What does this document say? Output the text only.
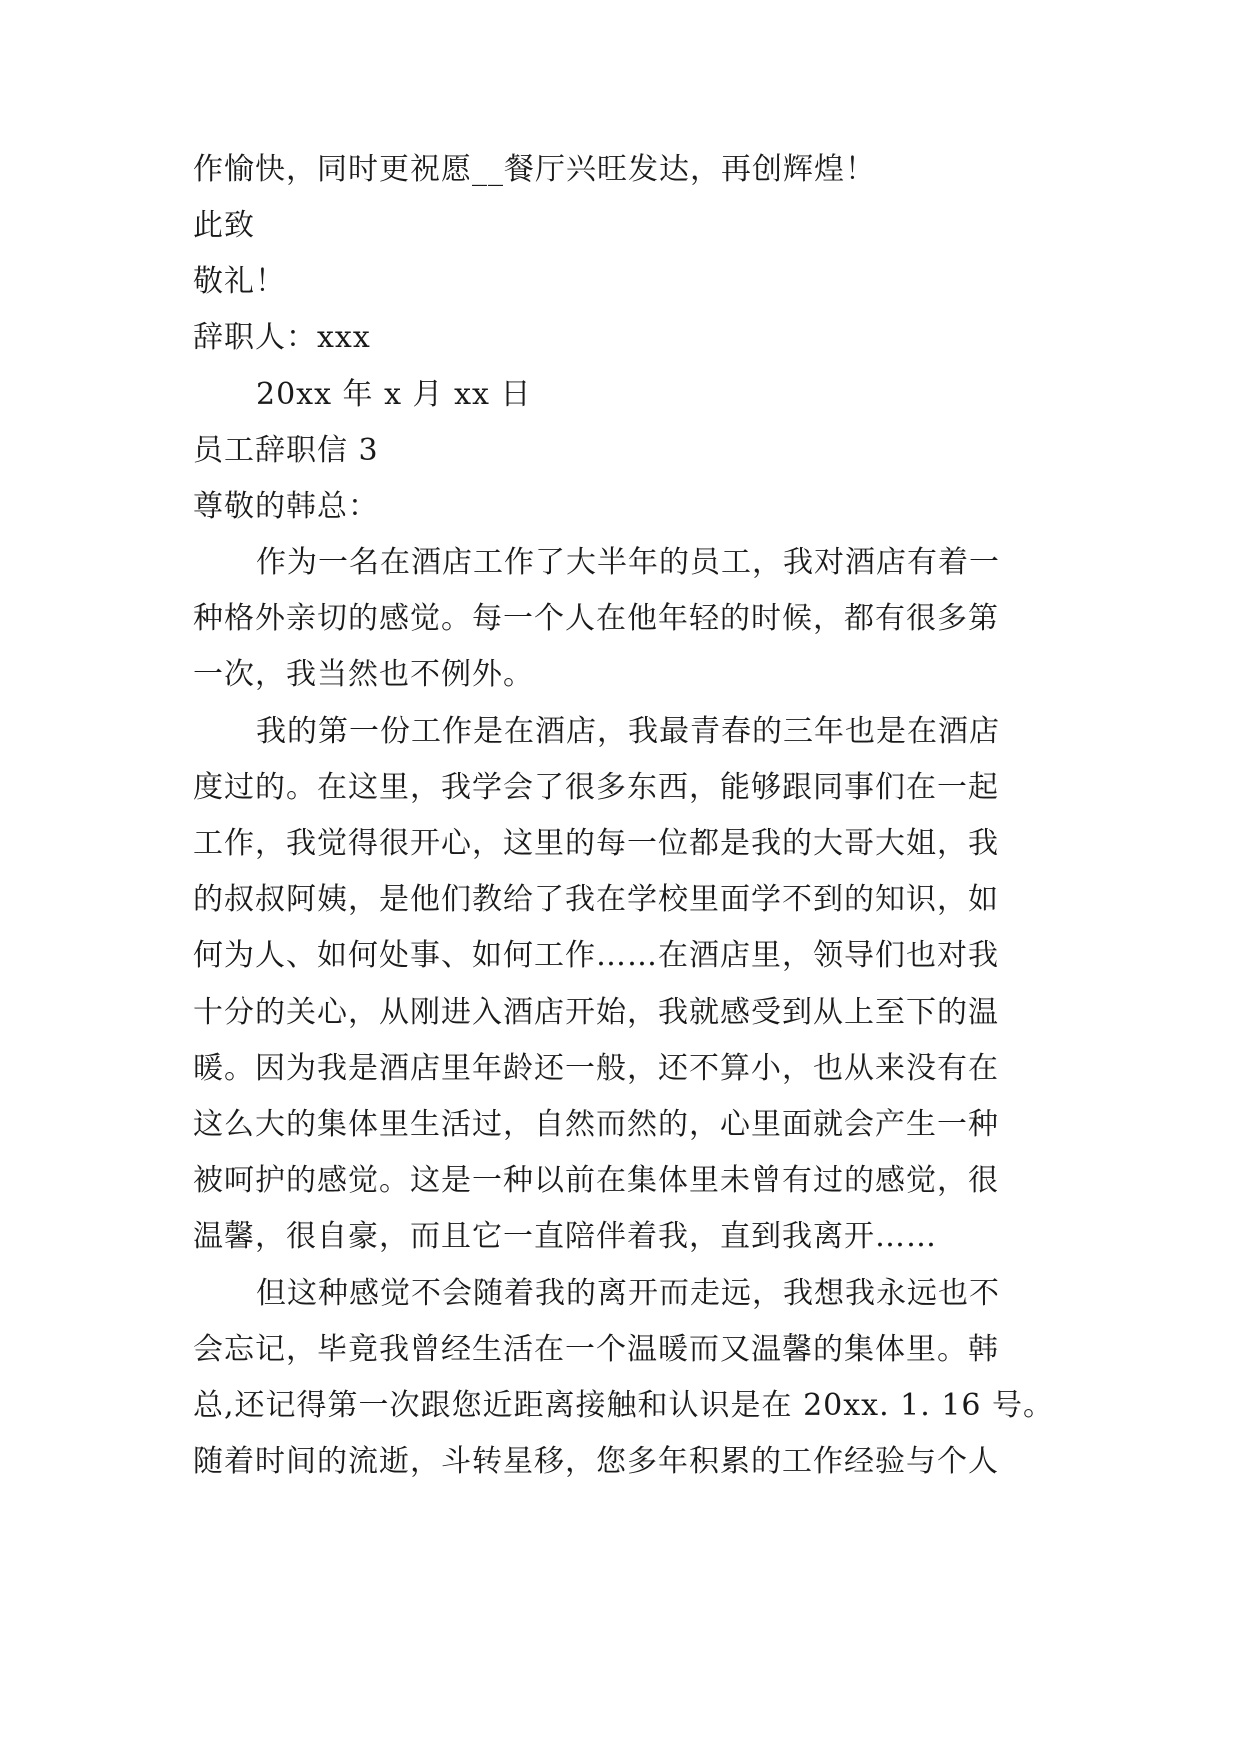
作愉快，同时更祝愿__餐厅兴旺发达，再创辉煌！
此致
敬礼！
辞职人：xxx
20xx 年 x 月 xx 日
员工辞职信 3
尊敬的韩总：
作为一名在酒店工作了大半年的员工，我对酒店有着一
种格外亲切的感觉。每一个人在他年轻的时候，都有很多第
一次，我当然也不例外。
我的第一份工作是在酒店，我最青春的三年也是在酒店
度过的。在这里，我学会了很多东西，能够跟同事们在一起
工作，我觉得很开心，这里的每一位都是我的大哥大姐，我
的叔叔阿姨，是他们教给了我在学校里面学不到的知识，如
何为人、如何处事、如何工作……在酒店里，领导们也对我
十分的关心，从刚进入酒店开始，我就感受到从上至下的温
暖。因为我是酒店里年龄还一般，还不算小，也从来没有在
这么大的集体里生活过，自然而然的，心里面就会产生一种
被呵护的感觉。这是一种以前在集体里未曾有过的感觉，很
温馨，很自豪，而且它一直陪伴着我，直到我离开……
但这种感觉不会随着我的离开而走远，我想我永远也不
会忘记，毕竟我曾经生活在一个温暖而又温馨的集体里。韩
总,还记得第一次跟您近距离接触和认识是在 20xx. 1. 16 号。
随着时间的流逝，斗转星移，您多年积累的工作经验与个人
